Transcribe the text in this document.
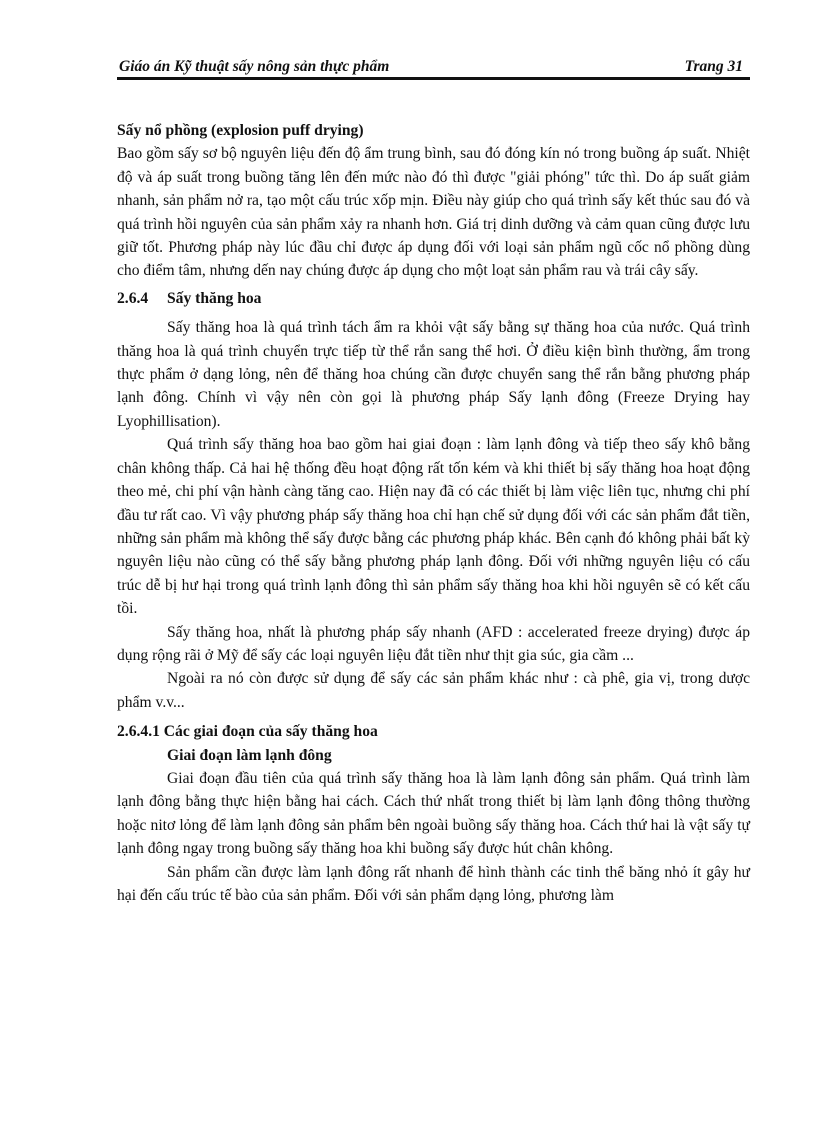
Giáo án Kỹ thuật sấy nông sản thực phẩm	Trang 31

Sấy nổ phồng (explosion puff drying)

Bao gồm sấy sơ bộ nguyên liệu đến độ ẩm trung bình, sau đó đóng kín nó trong buồng áp suất. Nhiệt độ và áp suất trong buồng tăng lên đến mức nào đó thì được "giải phóng" tức thì. Do áp suất giảm nhanh, sản phẩm nở ra, tạo một cấu trúc xốp mịn. Điều này giúp cho quá trình sấy kết thúc sau đó và quá trình hồi nguyên của sản phẩm xảy ra nhanh hơn. Giá trị dinh dưỡng và cảm quan cũng được lưu giữ tốt. Phương pháp này lúc đầu chỉ được áp dụng đối với loại sản phẩm ngũ cốc nổ phồng dùng cho điểm tâm, nhưng dến nay chúng được áp dụng cho một loạt sản phẩm rau và trái cây sấy.

2.6.4 Sấy thăng hoa

Sấy thăng hoa là quá trình tách ẩm ra khỏi vật sấy bằng sự thăng hoa của nước. Quá trình thăng hoa là quá trình chuyển trực tiếp từ thể rắn sang thể hơi. Ở điều kiện bình thường, ẩm trong thực phẩm ở dạng lỏng, nên để thăng hoa chúng cần được chuyển sang thể rắn bằng phương pháp lạnh đông. Chính vì vậy nên còn gọi là phương pháp Sấy lạnh đông (Freeze Drying hay Lyophillisation).

Quá trình sấy thăng hoa bao gồm hai giai đoạn : làm lạnh đông và tiếp theo sấy khô bằng chân không thấp. Cả hai hệ thống đều hoạt động rất tốn kém và khi thiết bị sấy thăng hoa hoạt động theo mẻ, chi phí vận hành càng tăng cao. Hiện nay đã có các thiết bị làm việc liên tục, nhưng chi phí đầu tư rất cao. Vì vậy phương pháp sấy thăng hoa chỉ hạn chế sử dụng đối với các sản phẩm đắt tiền, những sản phẩm mà không thể sấy được bằng các phương pháp khác. Bên cạnh đó không phải bất kỳ nguyên liệu nào cũng có thể sấy bằng phương pháp lạnh đông. Đối với những nguyên liệu có cấu trúc dễ bị hư hại trong quá trình lạnh đông thì sản phẩm sấy thăng hoa khi hồi nguyên sẽ có kết cấu tồi.

Sấy thăng hoa, nhất là phương pháp sấy nhanh (AFD : accelerated freeze drying) được áp dụng rộng rãi ở Mỹ để sấy các loại nguyên liệu đắt tiền như thịt gia súc, gia cầm ...

Ngoài ra nó còn được sử dụng để sấy các sản phẩm khác như : cà phê, gia vị, trong dược phẩm v.v...

2.6.4.1 Các giai đoạn của sấy thăng hoa
Giai đoạn làm lạnh đông

Giai đoạn đầu tiên của quá trình sấy thăng hoa là làm lạnh đông sản phẩm. Quá trình làm lạnh đông bằng thực hiện bằng hai cách. Cách thứ nhất trong thiết bị làm lạnh đông thông thường hoặc nitơ lỏng để làm lạnh đông sản phẩm bên ngoài buồng sấy thăng hoa. Cách thứ hai là vật sấy tự lạnh đông ngay trong buồng sấy thăng hoa khi buồng sấy được hút chân không.

Sản phẩm cần được làm lạnh đông rất nhanh để hình thành các tinh thể băng nhỏ ít gây hư hại đến cấu trúc tế bào của sản phẩm. Đối với sản phẩm dạng lỏng, phương làm
